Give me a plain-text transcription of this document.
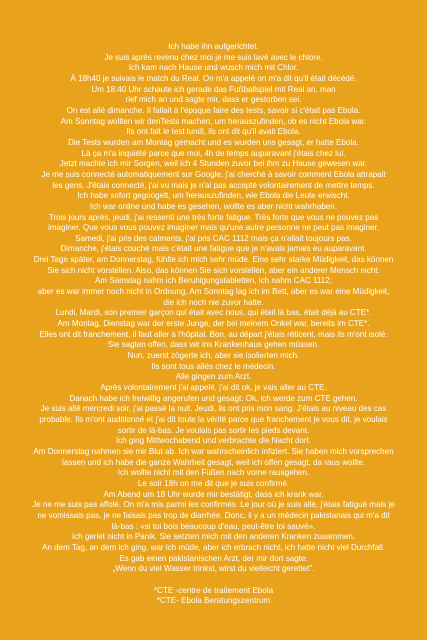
Ich habe ihn aufgerichtet.
Je suis après revenu chez moi je me suis lavé avec le chlore.
Ich kam nach Hause und wusch mich mit Chlor.
À 18h40 je suivais le match du Real. On m'a appelé on m'a dit qu'il était décédé.
Um 18:40 Uhr schaute ich gerade das Fußballspiel mit Real an, man
rief mich an und sagte mir, dass er gestorben sei.
On est allé dimanche. Il fallait à l'époque faire des tests, savoir si c'était pas Ebola.
Am Sonntag wollten wir denTests machen, um herauszufinden, ob es nicht Ebola war.
Ils ont fait le test lundi, ils ont dit qu'il avait Ebola.
Die Tests wurden am Montag gemacht und es wurden uns gesagt, er hatte Ebola.
Là ça m'a inquiété parce que moi, 4h de temps auparavant j'étais chez lui.
Jetzt machte ich mir Sorgen, weil ich 4 Stunden zuvor bei ihm zu Hause gewesen war.
Je me suis connecté automatiquement sur Google, j'ai cherché à savoir comment Ebola attrapait
les gens. J'étais connecté, j'ai vu mais je n'ai pas accepté volontairement de mettre temps.
Ich habe sofort gegoogelt, um herauszufinden, wie Ebola die Leute erwischt.
Ich war online und habe es gesehen, wollte es aber nicht wahrhaben.
Trois jours après, jeudi, j'ai ressenti une très forte fatigue. Très forte que vous ne pouvez pas
imaginer. Que vous vous pouvez imaginer mais qu'une autre personne ne peut pas imaginer.
Samedi, j'ai pris des calments, j'ai pris CAC 1112 mais ça n'allait toujours pas.
Dimanche, j'étais couché mais c'était une fatigue que je n'avais jamais eu auparavant.
Drei Tage später, am Donnerstag, fühlte ich mich sehr müde. Eine sehr starke Müdigkeit, das können
Sie sich nicht vorstellen. Also, das können Sie sich vorstellen, aber ein anderer Mensch nicht.
Am Samstag nahm ich Beruhigungstabletten, ich nahm CAC 1112,
aber es war immer noch nicht in Ordnung. Am Sonntag lag ich im Bett, aber es war eine Müdigkeit,
die ich noch nie zuvor hatte.
Lundi, Mardi, son premier garçon qui était avec nous, qui était là bas, était déjà au CTE*.
Am Montag, Dienstag war der erste Junge, der bei meinem Onkel war, bereits im CTE*.
Elles ont dit franchement, il faut aller à l'hôpital. Bon, au départ j'étais réticent, mais ils m'ont isolé.
Sie sagten offen, dass wir ins Krankenhaus gehen müssen.
Nun, zuerst zögerte ich, aber sie isolierten mich.
Ils sont tous allés chez le médecin.
Alle gingen zum Arzt.
Après volontairement j'ai appelé, j'ai dit ok, je vais aller au CTE.
Danach habe ich freiwillig angerufen und gesagt: Ok, ich werde zum CTE gehen.
Je suis allé mercredi soir, j'ai passé la nuit. Jeudi, ils ont pris mon sang. J'étais au niveau des cas
probable. Ils m'ont auditionné et j'ai dit toute la vérité parce que franchement je vous dit, je voulais
sortir de là-bas. Je voulais pas sortir les pieds devant.
Ich ging Mittwochabend und verbrachte die Nacht dort.
Am Donnerstag nahmen sie mir Blut ab. Ich war wahrscheinlich infiziert. Sie haben mich vorsprechen
lassen und ich habe die ganze Wahrheit gesagt, weil ich offen gesagt, da raus wollte.
Ich wollte nicht mit den Füßen nach vorne rausgehen.
Le soir 18h on me dit que je suis confirmé.
Am Abend um 18 Uhr wurde mir bestätigt, dass ich krank war.
Je ne me suis pas affolé. On m'a mis parmi les confirmés. Le jour où je suis allé, j'étais fatigué mais je
ne vomissais pas, je ne faisais pas trop de diarrhée. Donc, il y a un médecin pakistanais qui m'a dit
là-bas : «si toi bois beaucoup d'eau, peut-être toi sauvé».
Ich geriet nicht in Panik. Sie setzten mich mit den anderen Kranken zusammen.
An dem Tag, an dem ich ging, war ich müde, aber ich erbrach nicht, ich hatte nicht viel Durchfall.
Es gab einen pakistanischen Arzt, der mir dort sagte:
„Wenn du viel Wasser trinkst, wirst du vielleicht gerettet".
*CTE -centre de traitement Ebola
*CTE- Ebola Beratungszentrum
